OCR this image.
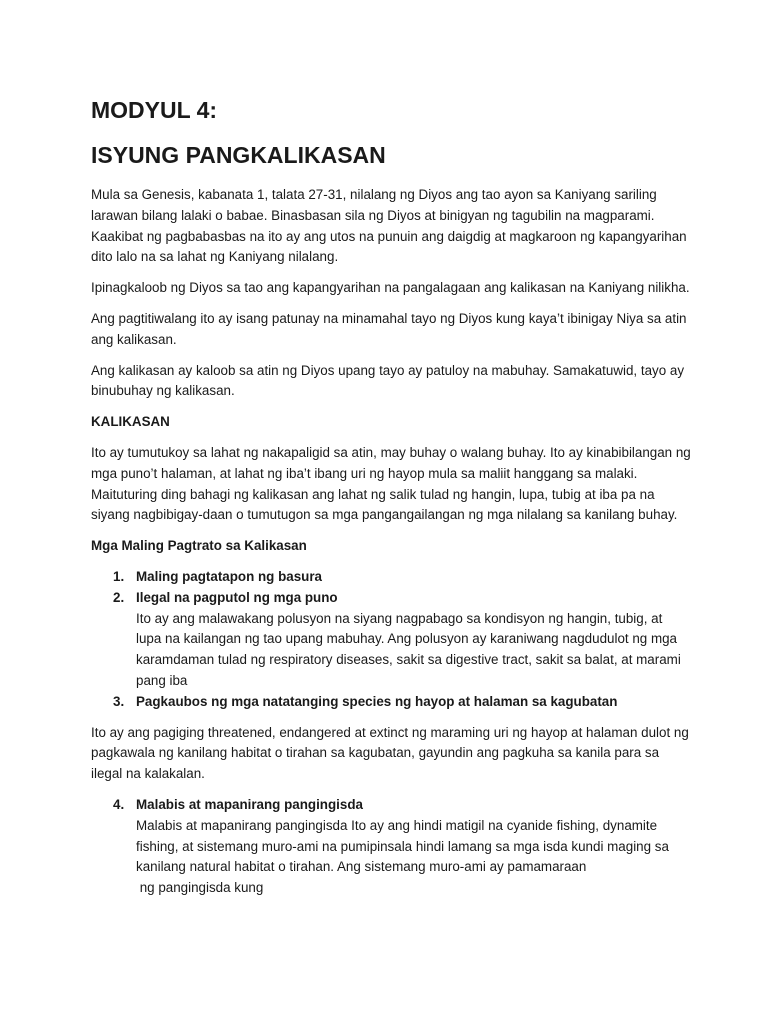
MODYUL 4:
ISYUNG PANGKALIKASAN

Mula sa Genesis, kabanata 1, talata 27-31, nilalang ng Diyos ang tao ayon sa Kaniyang sariling larawan bilang lalaki o babae. Binasbasan sila ng Diyos at binigyan ng tagubilin na magparami. Kaakibat ng pagbabasbas na ito ay ang utos na punuin ang daigdig at magkaroon ng kapangyarihan dito lalo na sa lahat ng Kaniyang nilalang.

Ipinagkaloob ng Diyos sa tao ang kapangyarihan na pangalagaan ang kalikasan na Kaniyang nilikha.

Ang pagtitiwalang ito ay isang patunay na minamahal tayo ng Diyos kung kaya’t ibinigay Niya sa atin ang kalikasan.

Ang kalikasan ay kaloob sa atin ng Diyos upang tayo ay patuloy na mabuhay. Samakatuwid, tayo ay binubuhay ng kalikasan.

KALIKASAN

Ito ay tumutukoy sa lahat ng nakapaligid sa atin, may buhay o walang buhay. Ito ay kinabibilangan ng mga puno’t halaman, at lahat ng iba’t ibang uri ng hayop mula sa maliit hanggang sa malaki. Maituturing ding bahagi ng kalikasan ang lahat ng salik tulad ng hangin, lupa, tubig at iba pa na siyang nagbibigay-daan o tumutugon sa mga pangangailangan ng mga nilalang sa kanilang buhay.

Mga Maling Pagtrato sa Kalikasan
1. Maling pagtatapon ng basura
2. Ilegal na pagputol ng mga puno
Ito ay ang malawakang polusyon na siyang nagpabago sa kondisyon ng hangin, tubig, at lupa na kailangan ng tao upang mabuhay. Ang polusyon ay karaniwang nagdudulot ng mga karamdaman tulad ng respiratory diseases, sakit sa digestive tract, sakit sa balat, at marami pang iba
3. Pagkaubos ng mga natatanging species ng hayop at halaman sa kagubatan

Ito ay ang pagiging threatened, endangered at extinct ng maraming uri ng hayop at halaman dulot ng pagkawala ng kanilang habitat o tirahan sa kagubatan, gayundin ang pagkuha sa kanila para sa ilegal na kalakalan.

4. Malabis at mapanirang pangingisda
Malabis at mapanirang pangingisda Ito ay ang hindi matigil na cyanide fishing, dynamite fishing, at sistemang muro-ami na pumipinsala hindi lamang sa mga isda kundi maging sa kanilang natural habitat o tirahan. Ang sistemang muro-ami ay pamamaraan
ng pangingisda kung
